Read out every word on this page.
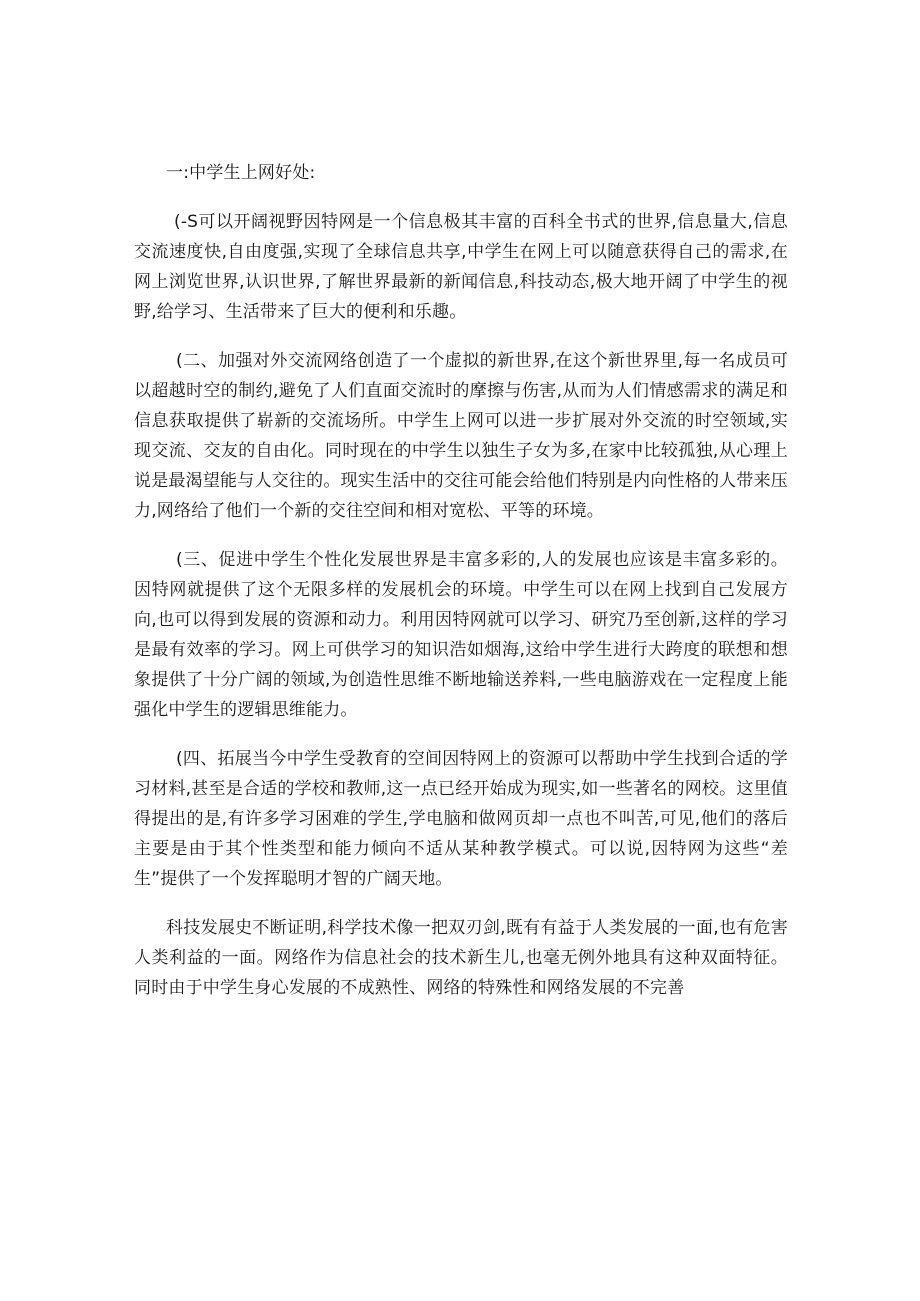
一:中学生上网好处:

(-S可以开阔视野因特网是一个信息极其丰富的百科全书式的世界,信息量大,信息交流速度快,自由度强,实现了全球信息共享,中学生在网上可以随意获得自己的需求,在网上浏览世界,认识世界,了解世界最新的新闻信息,科技动态,极大地开阔了中学生的视野,给学习、生活带来了巨大的便利和乐趣。

(二、加强对外交流网络创造了一个虚拟的新世界,在这个新世界里,每一名成员可以超越时空的制约,避免了人们直面交流时的摩擦与伤害,从而为人们情感需求的满足和信息获取提供了崭新的交流场所。中学生上网可以进一步扩展对外交流的时空领域,实现交流、交友的自由化。同时现在的中学生以独生子女为多,在家中比较孤独,从心理上说是最渴望能与人交往的。现实生活中的交往可能会给他们特别是内向性格的人带来压力,网络给了他们一个新的交往空间和相对宽松、平等的环境。

(三、促进中学生个性化发展世界是丰富多彩的,人的发展也应该是丰富多彩的。因特网就提供了这个无限多样的发展机会的环境。中学生可以在网上找到自己发展方向,也可以得到发展的资源和动力。利用因特网就可以学习、研究乃至创新,这样的学习是最有效率的学习。网上可供学习的知识浩如烟海,这给中学生进行大跨度的联想和想象提供了十分广阔的领域,为创造性思维不断地输送养料,一些电脑游戏在一定程度上能强化中学生的逻辑思维能力。

(四、拓展当今中学生受教育的空间因特网上的资源可以帮助中学生找到合适的学习材料,甚至是合适的学校和教师,这一点已经开始成为现实,如一些著名的网校。这里值得提出的是,有许多学习困难的学生,学电脑和做网页却一点也不叫苦,可见,他们的落后主要是由于其个性类型和能力倾向不适从某种教学模式。可以说,因特网为这些“差生”提供了一个发挥聪明才智的广阔天地。

科技发展史不断证明,科学技术像一把双刃剑,既有有益于人类发展的一面,也有危害人类利益的一面。网络作为信息社会的技术新生儿,也毫无例外地具有这种双面特征。同时由于中学生身心发展的不成熟性、网络的特殊性和网络发展的不完善
